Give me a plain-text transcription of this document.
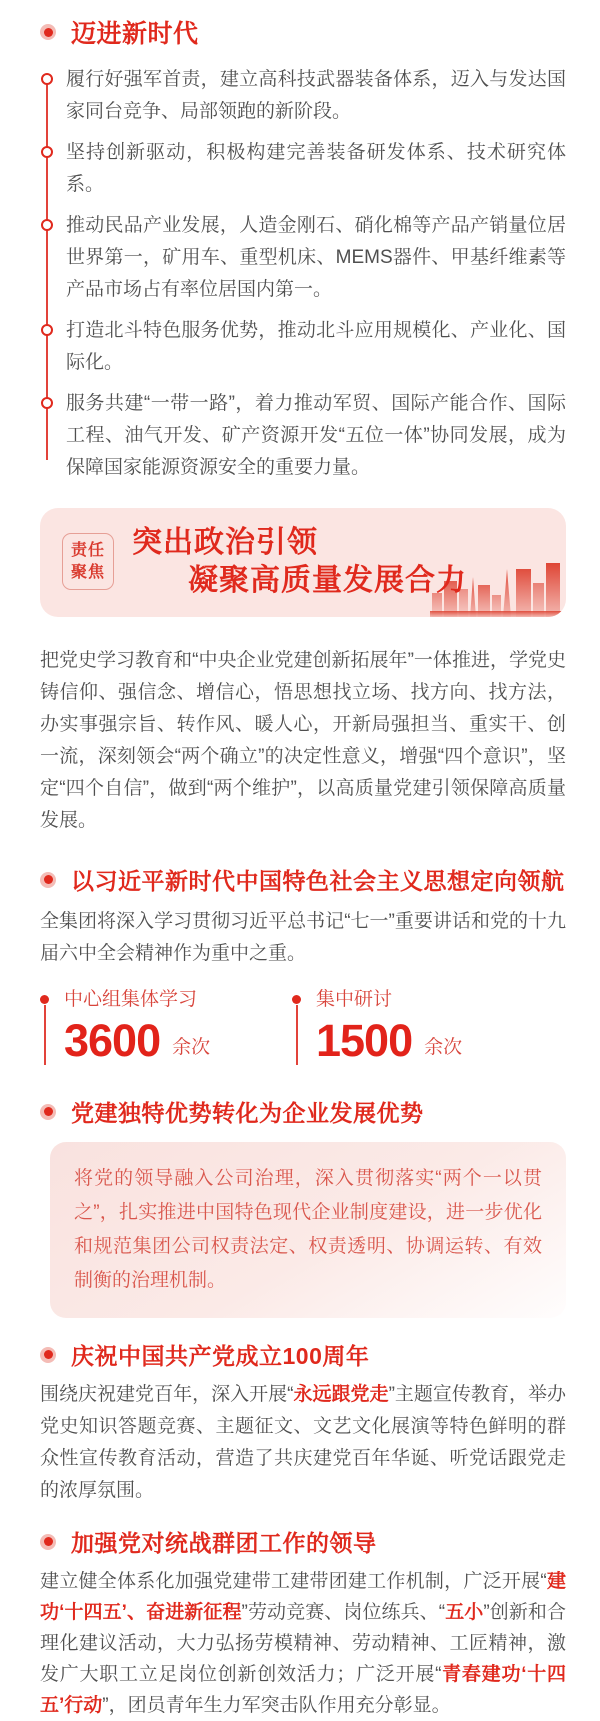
迈进新时代
履行好强军首责，建立高科技武器装备体系，迈入与发达国家同台竞争、局部领跑的新阶段。
坚持创新驱动，积极构建完善装备研发体系、技术研究体系。
推动民品产业发展，人造金刚石、硝化棉等产品产销量位居世界第一，矿用车、重型机床、MEMS器件、甲基纤维素等产品市场占有率位居国内第一。
打造北斗特色服务优势，推动北斗应用规模化、产业化、国际化。
服务共建“一带一路”，着力推动军贸、国际产能合作、国际工程、油气开发、矿产资源开发“五位一体”协同发展，成为保障国家能源资源安全的重要力量。
责任
聚焦
突出政治引领
凝聚高质量发展合力

把党史学习教育和“中央企业党建创新拓展年”一体推进，学党史铸信仰、强信念、增信心，悟思想找立场、找方向、找方法，办实事强宗旨、转作风、暖人心，开新局强担当、重实干、创一流，深刻领会“两个确立”的决定性意义，增强“四个意识”，坚定“四个自信”，做到“两个维护”，以高质量党建引领保障高质量发展。

以习近平新时代中国特色社会主义思想定向领航

全集团将深入学习贯彻习近平总书记“七一”重要讲话和党的十九届六中全会精神作为重中之重。

中心组集体学习
3600 余次
集中研讨
1500 余次
党建独特优势转化为企业发展优势
将党的领导融入公司治理，深入贯彻落实“两个一以贯之”，扎实推进中国特色现代企业制度建设，进一步优化和规范集团公司权责法定、权责透明、协调运转、有效制衡的治理机制。
庆祝中国共产党成立100周年

围绕庆祝建党百年，深入开展“永远跟党走”主题宣传教育，举办党史知识答题竞赛、主题征文、文艺文化展演等特色鲜明的群众性宣传教育活动，营造了共庆建党百年华诞、听党话跟党走的浓厚氛围。

加强党对统战群团工作的领导

建立健全体系化加强党建带工建带团建工作机制，广泛开展“建功‘十四五’、奋进新征程”劳动竞赛、岗位练兵、“五小”创新和合理化建议活动，大力弘扬劳模精神、劳动精神、工匠精神，激发广大职工立足岗位创新创效活力；广泛开展“青春建功‘十四五’行动”，团员青年生力军突击队作用充分彰显。
